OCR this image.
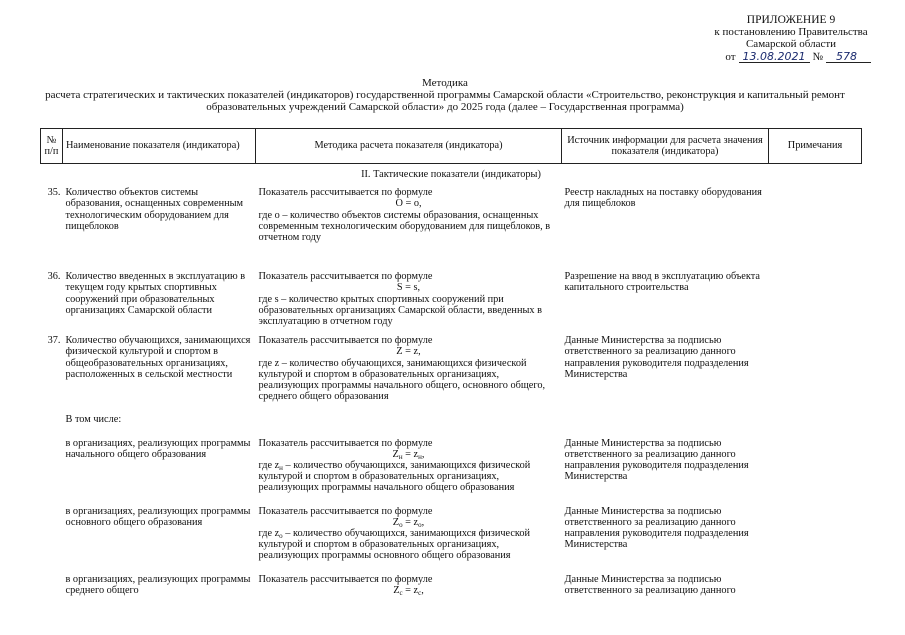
ПРИЛОЖЕНИЕ 9
к постановлению Правительства
Самарской области
от 13.08.2021 №	578
Методика
расчета стратегических и тактических показателей (индикаторов) государственной программы Самарской области «Строительство, реконструкция и капитальный ремонт
образовательных учреждений Самарской области» до 2025 года (далее – Государственная программа)
№ п/п	Наименование показателя (индикатора)	Методика расчета показателя (индикатора)	Источник информации для расчета значения показателя (индикатора)	Примечания
II. Тактические показатели (индикаторы)				
35.	Количество объектов системы образования, оснащенных современным технологическим оборудованием для пищеблоков	Показатель рассчитывается по формуле
O = o,
где o – количество объектов системы образования, оснащенных современным технологическим оборудованием для пищеблоков, в отчетном году	Реестр накладных на поставку оборудования для пищеблоков	

36.	Количество введенных в эксплуатацию в текущем году крытых спортивных сооружений при образовательных организациях Самарской области	Показатель рассчитывается по формуле
S = s,
где s – количество крытых спортивных сооружений при образовательных организациях Самарской области, введенных в эксплуатацию в отчетном году	Разрешение на ввод в эксплуатацию объекта капитального строительства	

37.	Количество обучающихся, занимающихся физической культурой и спортом в общеобразовательных организациях, расположенных в сельской местности	Показатель рассчитывается по формуле
Z = z,
где z – количество обучающихся, занимающихся физической культурой и спортом в образовательных организациях, реализующих программы начального общего, основного общего, среднего общего образования	Данные Министерства за подписью ответственного за реализацию данного направления руководителя подразделения Министерства	
	В том числе:			
	в организациях, реализующих программы начального общего образования	Показатель рассчитывается по формуле
$Z_н = z_н$,
где $z_н$ – количество обучающихся, занимающихся физической культурой и спортом в образовательных организациях, реализующих программы начального общего образования	Данные Министерства за подписью ответственного за реализацию данного направления руководителя подразделения Министерства	

	в организациях, реализующих программы основного общего образования	Показатель рассчитывается по формуле
$Z_о = z_о$,
где $z_о$ – количество обучающихся, занимающихся физической культурой и спортом в образовательных организациях, реализующих программы основного общего образования	Данные Министерства за подписью ответственного за реализацию данного направления руководителя подразделения Министерства	

	в организациях, реализующих программы среднего общего	Показатель рассчитывается по формуле
$Z_c = z_c$,	Данные Министерства за подписью ответственного за реализацию данного	
